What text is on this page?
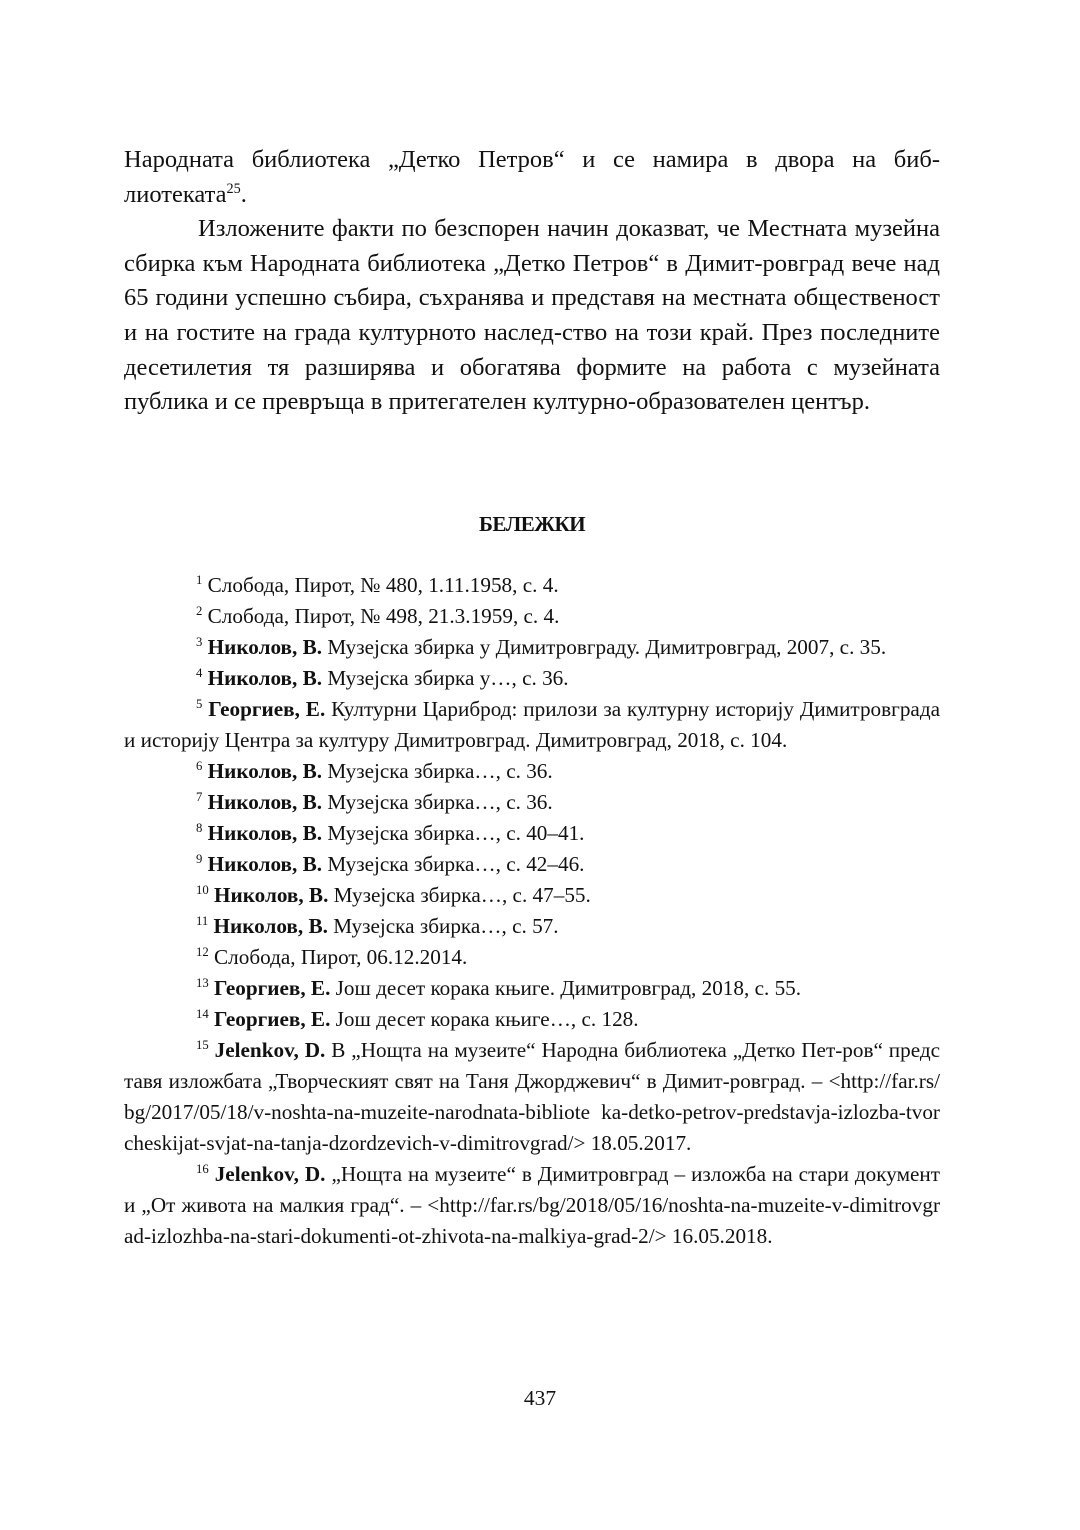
Народната библиотека „Детко Петров“ и се намира в двора на биб-лиотеката$^{25}$.

Изложените факти по безспорен начин доказват, че Местната музейна сбирка към Народната библиотека „Детко Петров“ в Димит-ровград вече над 65 години успешно събира, съхранява и представя на местната общественост и на гостите на града културното наслед-ство на този край. През последните десетилетия тя разширява и обогатява формите на работа с музейната публика и се превръща в притегателен културно-образователен център.

БЕЛЕЖКИ

$^1$ Слобода, Пирот, № 480, 1.11.1958, с. 4.

$^2$ Слобода, Пирот, № 498, 21.3.1959, с. 4.

$^3$ Николов, В. Музејска збирка у Димитровграду. Димитровград, 2007, с. 35.

$^4$ Николов, В. Музејска збирка у…, с. 36.

$^5$ Георгиев, Е. Културни Цариброд: прилози за културну историју Димитровграда и историју Центра за културу Димитровград. Димитровград, 2018, с. 104.

$^6$ Николов, В. Музејска збирка…, с. 36.

$^7$ Николов, В. Музејска збирка…, с. 36.

$^8$ Николов, В. Музејска збирка…, с. 40–41.

$^9$ Николов, В. Музејска збирка…, с. 42–46.

$^{10}$ Николов, В. Музејска збирка…, с. 47–55.

$^{11}$ Николов, В. Музејска збирка…, с. 57.

$^{12}$ Слобода, Пирот, 06.12.2014.

$^{13}$ Георгиев, Е. Још десет корака књиге. Димитровград, 2018, с. 55.

$^{14}$ Георгиев, Е. Још десет корака књиге…, с. 128.

$^{15}$ Jelenkov, D. В „Нощта на музеите“ Народна библиотека „Детко Пет-ров“ представя изложбата „Творческият свят на Таня Джорджевич“ в Димит-ровград. – <http://far.rs/bg/2017/05/18/v-noshta-na-muzeite-narodnata-bibliote ka-detko-petrov-predstavja-izlozba-tvorcheskijat-svjat-na-tanja-dzordzevich-v-dimitrovgrad/> 18.05.2017.

$^{16}$ Jelenkov, D. „Нощта на музеите“ в Димитровград – изложба на стари документи „От живота на малкия град“. – <http://far.rs/bg/2018/05/16/noshta-na-muzeite-v-dimitrovgrad-izlozhba-na-stari-dokumenti-ot-zhivota-na-malkiya-grad-2/> 16.05.2018.

437
